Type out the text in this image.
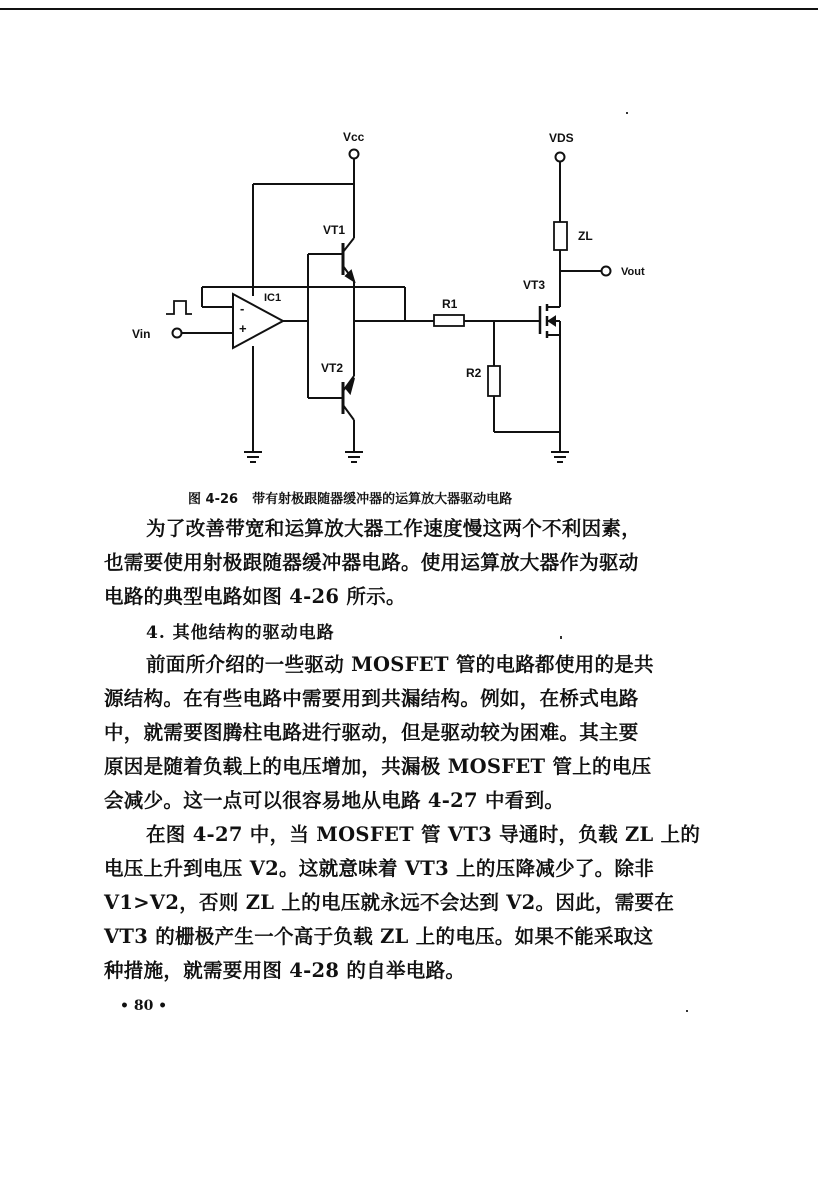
Vcc
VT1
VT2
-
+
IC1
Vin
R1
R2
VDS
ZL
Vout
VT3
图 4-26 带有射极跟随器缓冲器的运算放大器驱动电路
为了改善带宽和运算放大器工作速度慢这两个不利因素，
也需要使用射极跟随器缓冲器电路。使用运算放大器作为驱动
电路的典型电路如图 4-26 所示。
4. 其他结构的驱动电路
前面所介绍的一些驱动 MOSFET 管的电路都使用的是共
源结构。在有些电路中需要用到共漏结构。例如，在桥式电路
中，就需要图腾柱电路进行驱动，但是驱动较为困难。其主要
原因是随着负载上的电压增加，共漏极 MOSFET 管上的电压
会减少。这一点可以很容易地从电路 4-27 中看到。
在图 4-27 中，当 MOSFET 管 VT3 导通时，负载 ZL 上的
电压上升到电压 V2。这就意味着 VT3 上的压降减少了。除非
V1>V2，否则 ZL 上的电压就永远不会达到 V2。因此，需要在
VT3 的栅极产生一个高于负载 ZL 上的电压。如果不能采取这
种措施，就需要用图 4-28 的自举电路。
• 80 •
